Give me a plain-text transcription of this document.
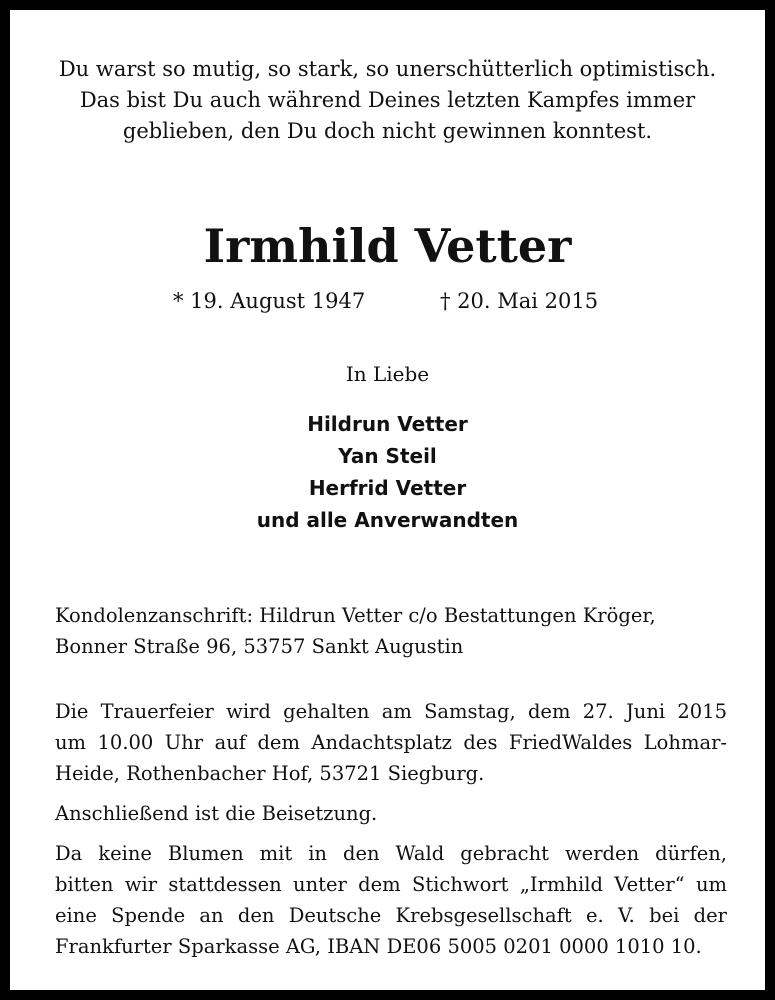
Du warst so mutig, so stark, so unerschütterlich optimistisch.
Das bist Du auch während Deines letzten Kampfes immer
geblieben, den Du doch nicht gewinnen konntest.
Irmhild Vetter
* 19. August 1947	† 20. Mai 2015
In Liebe
Hildrun Vetter
Yan Steil
Herfrid Vetter
und alle Anverwandten
Kondolenzanschrift: Hildrun Vetter c/o Bestattungen Kröger,
Bonner Straße 96, 53757 Sankt Augustin
Die Trauerfeier wird gehalten am Samstag, dem 27. Juni 2015
um 10.00 Uhr auf dem Andachtsplatz des FriedWaldes Lohmar-
Heide, Rothenbacher Hof, 53721 Siegburg.
Anschließend ist die Beisetzung.
Da keine Blumen mit in den Wald gebracht werden dürfen,
bitten wir stattdessen unter dem Stichwort „Irmhild Vetter“ um
eine Spende an den Deutsche Krebsgesellschaft e. V. bei der
Frankfurter Sparkasse AG, IBAN DE06 5005 0201 0000 1010 10.
